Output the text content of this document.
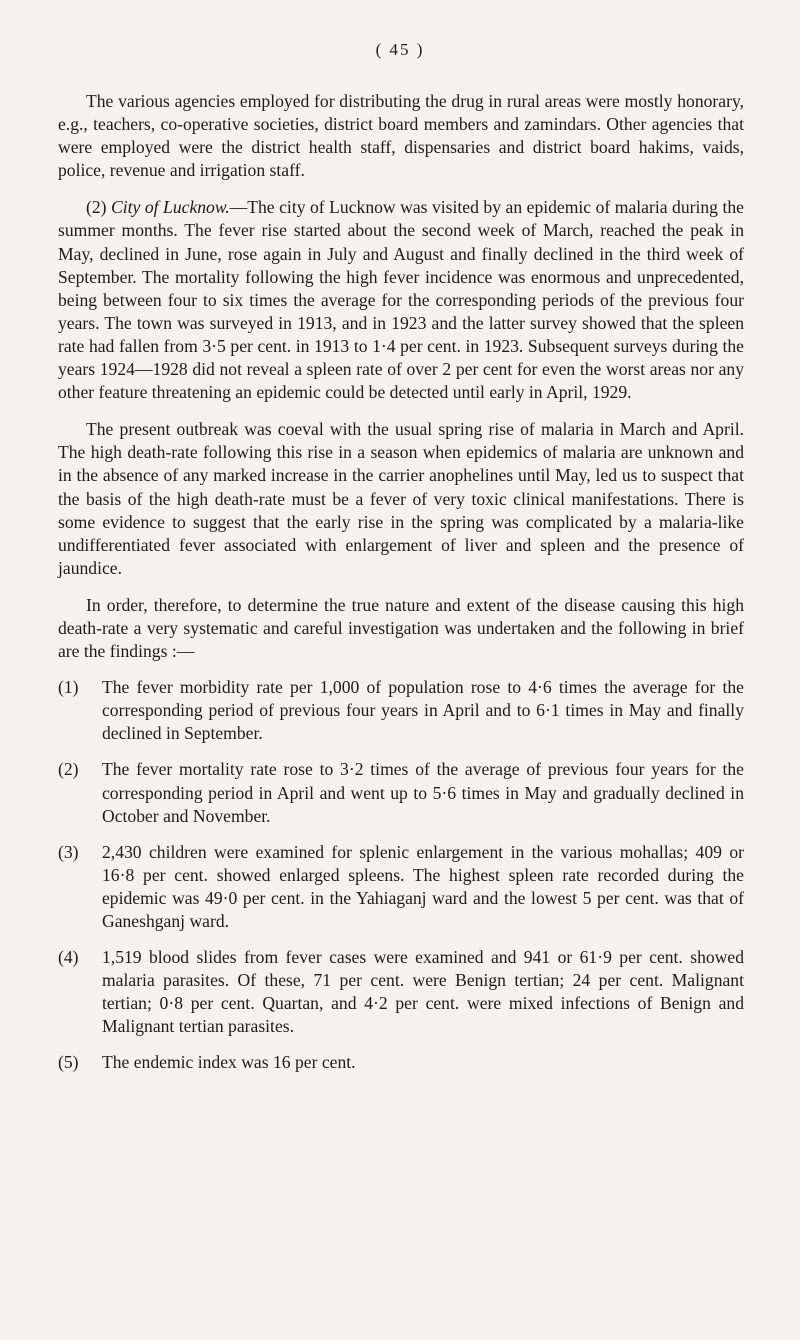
( 45 )

The various agencies employed for distributing the drug in rural areas were mostly honorary, e.g., teachers, co-operative societies, district board members and zamindars. Other agencies that were employed were the district health staff, dispensaries and district board hakims, vaids, police, revenue and irrigation staff.

(2) City of Lucknow.—The city of Lucknow was visited by an epidemic of malaria during the summer months. The fever rise started about the second week of March, reached the peak in May, declined in June, rose again in July and August and finally declined in the third week of September. The mortality following the high fever incidence was enormous and unprecedented, being between four to six times the average for the corresponding periods of the previous four years. The town was surveyed in 1913, and in 1923 and the latter survey showed that the spleen rate had fallen from 3·5 per cent. in 1913 to 1·4 per cent. in 1923. Subsequent surveys during the years 1924—1928 did not reveal a spleen rate of over 2 per cent for even the worst areas nor any other feature threatening an epidemic could be detected until early in April, 1929.

The present outbreak was coeval with the usual spring rise of malaria in March and April. The high death-rate following this rise in a season when epidemics of malaria are unknown and in the absence of any marked increase in the carrier anophelines until May, led us to suspect that the basis of the high death-rate must be a fever of very toxic clinical manifestations. There is some evidence to suggest that the early rise in the spring was complicated by a malaria-like undifferentiated fever associated with enlargement of liver and spleen and the presence of jaundice.

In order, therefore, to determine the true nature and extent of the disease causing this high death-rate a very systematic and careful investigation was undertaken and the following in brief are the findings :—

(1) The fever morbidity rate per 1,000 of population rose to 4·6 times the average for the corresponding period of previous four years in April and to 6·1 times in May and finally declined in September.
(2) The fever mortality rate rose to 3·2 times of the average of previous four years for the corresponding period in April and went up to 5·6 times in May and gradually declined in October and November.
(3) 2,430 children were examined for splenic enlargement in the various mohallas; 409 or 16·8 per cent. showed enlarged spleens. The highest spleen rate recorded during the epidemic was 49·0 per cent. in the Yahiaganj ward and the lowest 5 per cent. was that of Ganeshganj ward.
(4) 1,519 blood slides from fever cases were examined and 941 or 61·9 per cent. showed malaria parasites. Of these, 71 per cent. were Benign tertian; 24 per cent. Malignant tertian; 0·8 per cent. Quartan, and 4·2 per cent. were mixed infections of Benign and Malignant tertian parasites.
(5) The endemic index was 16 per cent.
